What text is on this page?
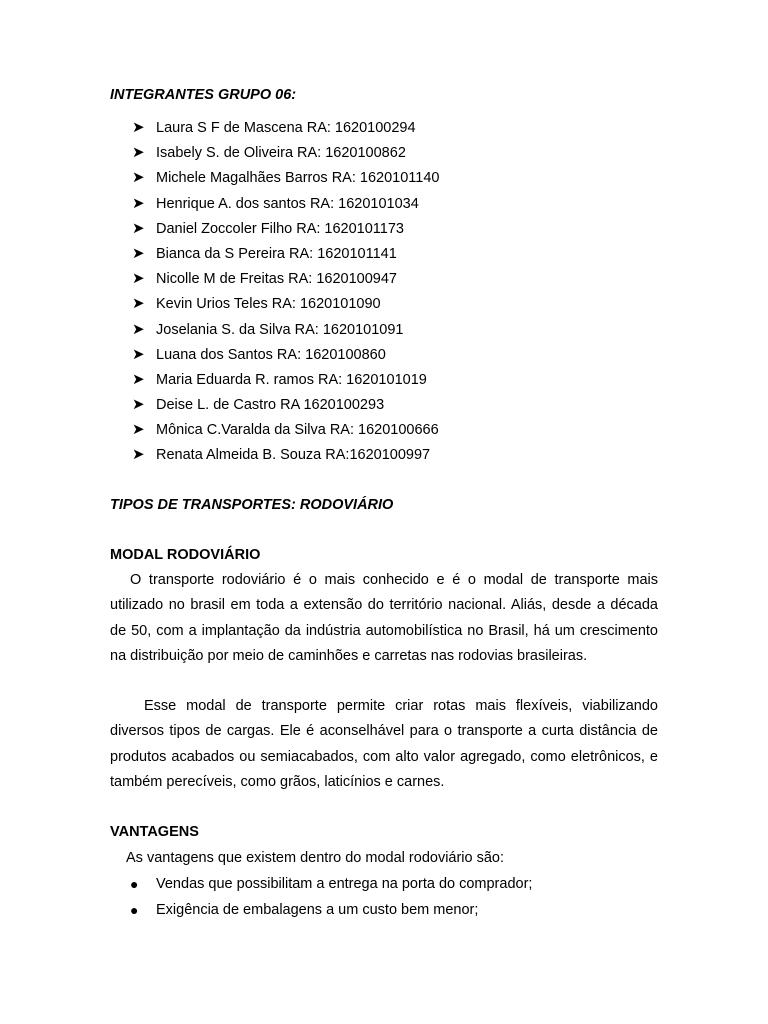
INTEGRANTES GRUPO 06:
➤ Laura S F de Mascena RA: 1620100294
➤ Isabely S. de Oliveira RA: 1620100862
➤ Michele Magalhães Barros RA: 1620101140
➤ Henrique A. dos santos RA: 1620101034
➤ Daniel Zoccoler Filho RA: 1620101173
➤ Bianca da S Pereira RA: 1620101141
➤ Nicolle M de Freitas RA: 1620100947
➤ Kevin Urios Teles RA: 1620101090
➤ Joselania S. da Silva RA: 1620101091
➤ Luana dos Santos RA: 1620100860
➤ Maria Eduarda R. ramos RA: 1620101019
➤ Deise L. de Castro RA 1620100293
➤ Mônica C.Varalda da Silva RA: 1620100666
➤ Renata Almeida B. Souza RA:1620100997
TIPOS DE TRANSPORTES: RODOVIÁRIO
MODAL RODOVIÁRIO

O transporte rodoviário é o mais conhecido e é o modal de transporte mais utilizado no brasil em toda a extensão do território nacional. Aliás, desde a década de 50, com a implantação da indústria automobilística no Brasil, há um crescimento na distribuição por meio de caminhões e carretas nas rodovias brasileiras.

Esse modal de transporte permite criar rotas mais flexíveis, viabilizando diversos tipos de cargas. Ele é aconselhável para o transporte a curta distância de produtos acabados ou semiacabados, com alto valor agregado, como eletrônicos, e também perecíveis, como grãos, laticínios e carnes.

VANTAGENS

As vantagens que existem dentro do modal rodoviário são:

●	Vendas que possibilitam a entrega na porta do comprador;
●	Exigência de embalagens a um custo bem menor;
